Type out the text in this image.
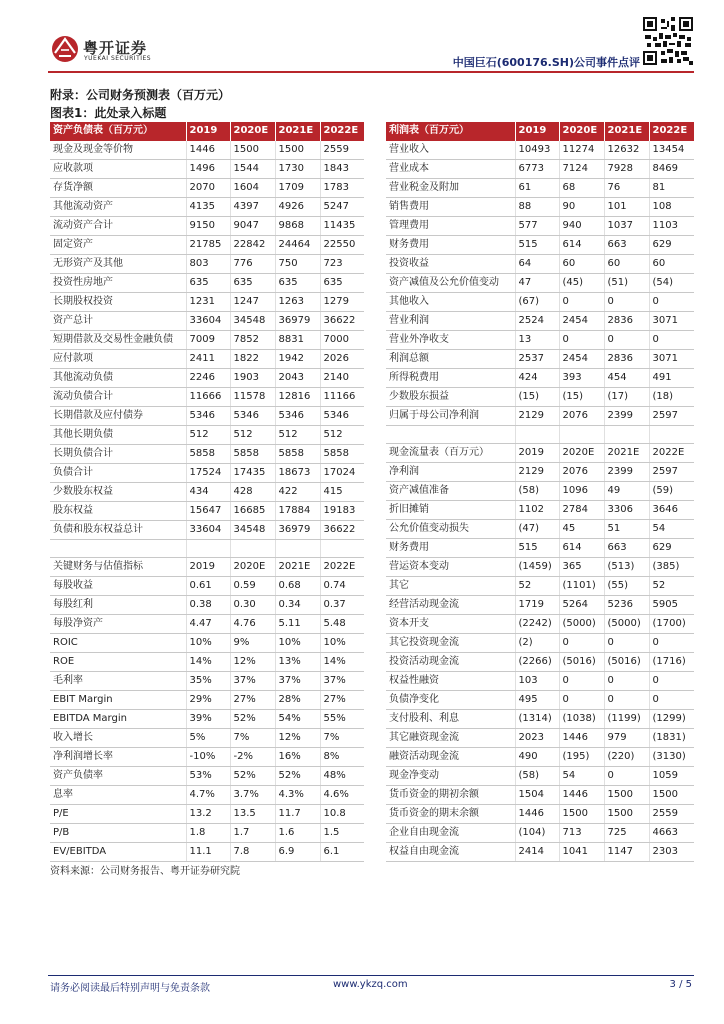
粤开证券
YUEKAI SECURITIES	中国巨石(600176.SH)公司事件点评
附录：公司财务预测表（百万元）
图表1：此处录入标题
资产负债表（百万元）	2019	2020E	2021E	2022E
现金及现金等价物	1446	1500	1500	2559
应收款项	1496	1544	1730	1843
存货净额	2070	1604	1709	1783
其他流动资产	4135	4397	4926	5247
流动资产合计	9150	9047	9868	11435
固定资产	21785	22842	24464	22550
无形资产及其他	803	776	750	723
投资性房地产	635	635	635	635
长期股权投资	1231	1247	1263	1279
资产总计	33604	34548	36979	36622
短期借款及交易性金融负债	7009	7852	8831	7000
应付款项	2411	1822	1942	2026
其他流动负债	2246	1903	2043	2140
流动负债合计	11666	11578	12816	11166
长期借款及应付债券	5346	5346	5346	5346
其他长期负债	512	512	512	512
长期负债合计	5858	5858	5858	5858
负债合计	17524	17435	18673	17024
少数股东权益	434	428	422	415
股东权益	15647	16685	17884	19183
负债和股东权益总计	33604	34548	36979	36622

关键财务与估值指标	2019	2020E	2021E	2022E
每股收益	0.61	0.59	0.68	0.74
每股红利	0.38	0.30	0.34	0.37
每股净资产	4.47	4.76	5.11	5.48
ROIC	10%	9%	10%	10%
ROE	14%	12%	13%	14%
毛利率	35%	37%	37%	37%
EBIT Margin	29%	27%	28%	27%
EBITDA Margin	39%	52%	54%	55%
收入增长	5%	7%	12%	7%
净利润增长率	-10%	-2%	16%	8%
资产负债率	53%	52%	52%	48%
息率	4.7%	3.7%	4.3%	4.6%
P/E	13.2	13.5	11.7	10.8
P/B	1.8	1.7	1.6	1.5
EV/EBITDA	11.1	7.8	6.9	6.1
利润表（百万元）	2019	2020E	2021E	2022E
营业收入	10493	11274	12632	13454
营业成本	6773	7124	7928	8469
营业税金及附加	61	68	76	81
销售费用	88	90	101	108
管理费用	577	940	1037	1103
财务费用	515	614	663	629
投资收益	64	60	60	60
资产减值及公允价值变动	47	(45)	(51)	(54)
其他收入	(67)	0	0	0
营业利润	2524	2454	2836	3071
营业外净收支	13	0	0	0
利润总额	2537	2454	2836	3071
所得税费用	424	393	454	491
少数股东损益	(15)	(15)	(17)	(18)
归属于母公司净利润	2129	2076	2399	2597

现金流量表（百万元）	2019	2020E	2021E	2022E
净利润	2129	2076	2399	2597
资产减值准备	(58)	1096	49	(59)
折旧摊销	1102	2784	3306	3646
公允价值变动损失	(47)	45	51	54
财务费用	515	614	663	629
营运资本变动	(1459)	365	(513)	(385)
其它	52	(1101)	(55)	52
经营活动现金流	1719	5264	5236	5905
资本开支	(2242)	(5000)	(5000)	(1700)
其它投资现金流	(2)	0	0	0
投资活动现金流	(2266)	(5016)	(5016)	(1716)
权益性融资	103	0	0	0
负债净变化	495	0	0	0
支付股利、利息	(1314)	(1038)	(1199)	(1299)
其它融资现金流	2023	1446	979	(1831)
融资活动现金流	490	(195)	(220)	(3130)
现金净变动	(58)	54	0	1059
货币资金的期初余额	1504	1446	1500	1500
货币资金的期末余额	1446	1500	1500	2559
企业自由现金流	(104)	713	725	4663
权益自由现金流	2414	1041	1147	2303
资料来源：公司财务报告、粤开证券研究院
请务必阅读最后特别声明与免责条款	www.ykzq.com	3 / 5
